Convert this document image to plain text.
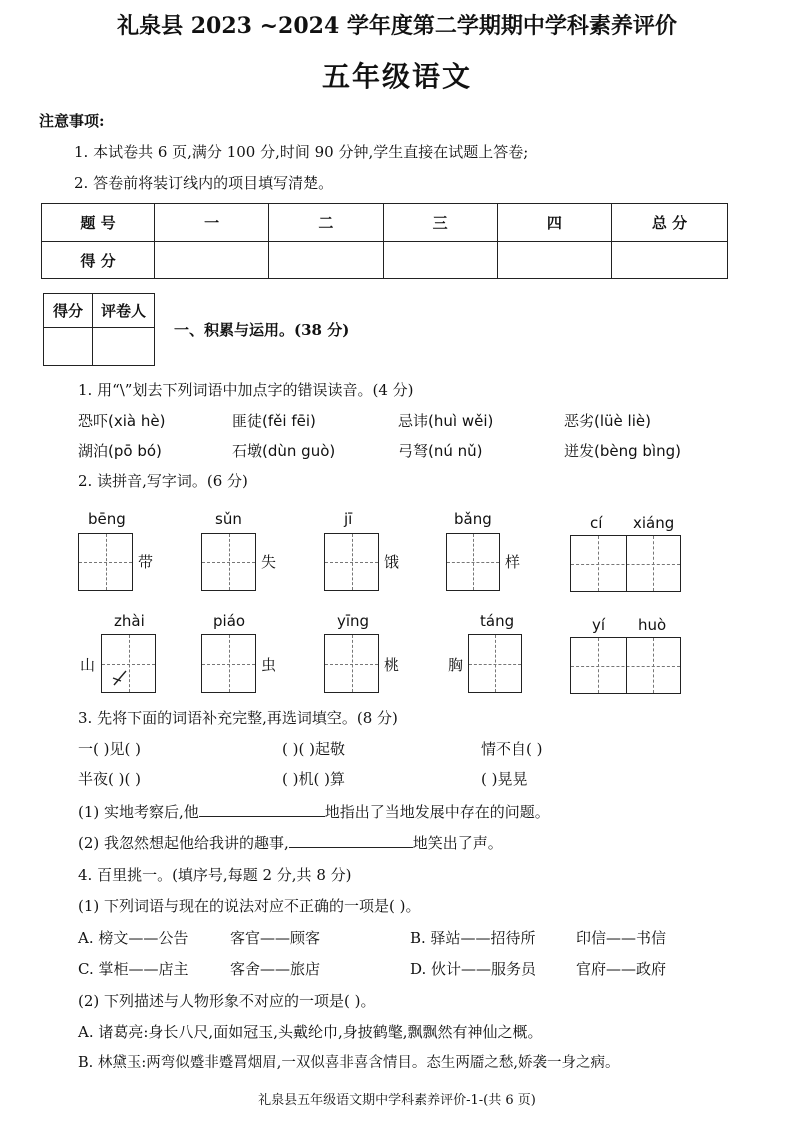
礼泉县 2023 ~2024 学年度第二学期期中学科素养评价
五年级语文
注意事项:
1. 本试卷共 6 页,满分 100 分,时间 90 分钟,学生直接在试题上答卷;
2. 答卷前将装订线内的项目填写清楚。
题 号	一	二	三	四	总 分
得 分					
得分	评卷人

一、积累与运用。(38 分)
1. 用“\”划去下列词语中加点字的错误读音。(4 分)
恐吓(xià hè)	匪徒(fěi fēi)	忌讳(huì wěi)	恶劣(lüè liè)
湖泊(pō bó)	石墩(dùn guò)	弓弩(nú nǔ)	迸发(bèng bìng)
2. 读拼音,写字词。(6 分)
bēng	sǔn	jī	bǎng	cí xiáng
带	失	饿	样
zhài	piáo	yīng	táng	yí huò
山	虫	桃	胸
3. 先将下面的词语补充完整,再选词填空。(8 分)
一( )见( )	( )( )起敬	情不自( )
半夜( )( )	( )机( )算	( )晃晃
(1) 实地考察后,他	地指出了当地发展中存在的问题。
(2) 我忽然想起他给我讲的趣事,	地笑出了声。
4. 百里挑一。(填序号,每题 2 分,共 8 分)
(1) 下列词语与现在的说法对应不正确的一项是( )。
A. 榜文——公告	客官——顾客	B. 驿站——招待所	印信——书信
C. 掌柜——店主	客舍——旅店	D. 伙计——服务员	官府——政府
(2) 下列描述与人物形象不对应的一项是( )。
A. 诸葛亮:身长八尺,面如冠玉,头戴纶巾,身披鹤氅,飘飘然有神仙之概。
B. 林黛玉:两弯似蹙非蹙罥烟眉,一双似喜非喜含情目。态生两靥之愁,娇袭一身之病。
礼泉县五年级语文期中学科素养评价-1-(共 6 页)
